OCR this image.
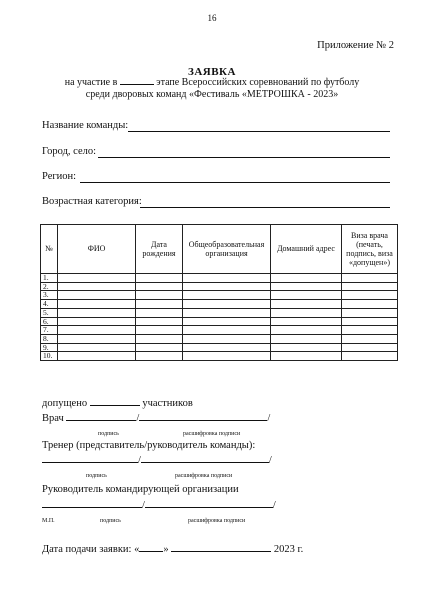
16
Приложение № 2
ЗАЯВКА
на участие в	этапе Всероссийских соревнований по футболу
среди дворовых команд «Фестиваль «МЕТРОШКА - 2023»
Название команды:
Город, село:
Регион:
Возрастная категория:
№	ФИО	Дата рождения	Общеобразовательная организация	Домашний адрес	Виза врача (печать, подпись, виза «допущен»)
1.					
2.					
3.					
4.					
5.					
6.					
7.					
8.					
9.					
10.					
допущено	участников
Врач	/	/
подпись	расшифровка подписи
Тренер (представитель/руководитель команды):
/	/
подпись	расшифровка подписи
Руководитель командирующей организации
/	/
М.П.	подпись	расшифровка подписи
Дата подачи заявки: « »	2023 г.
